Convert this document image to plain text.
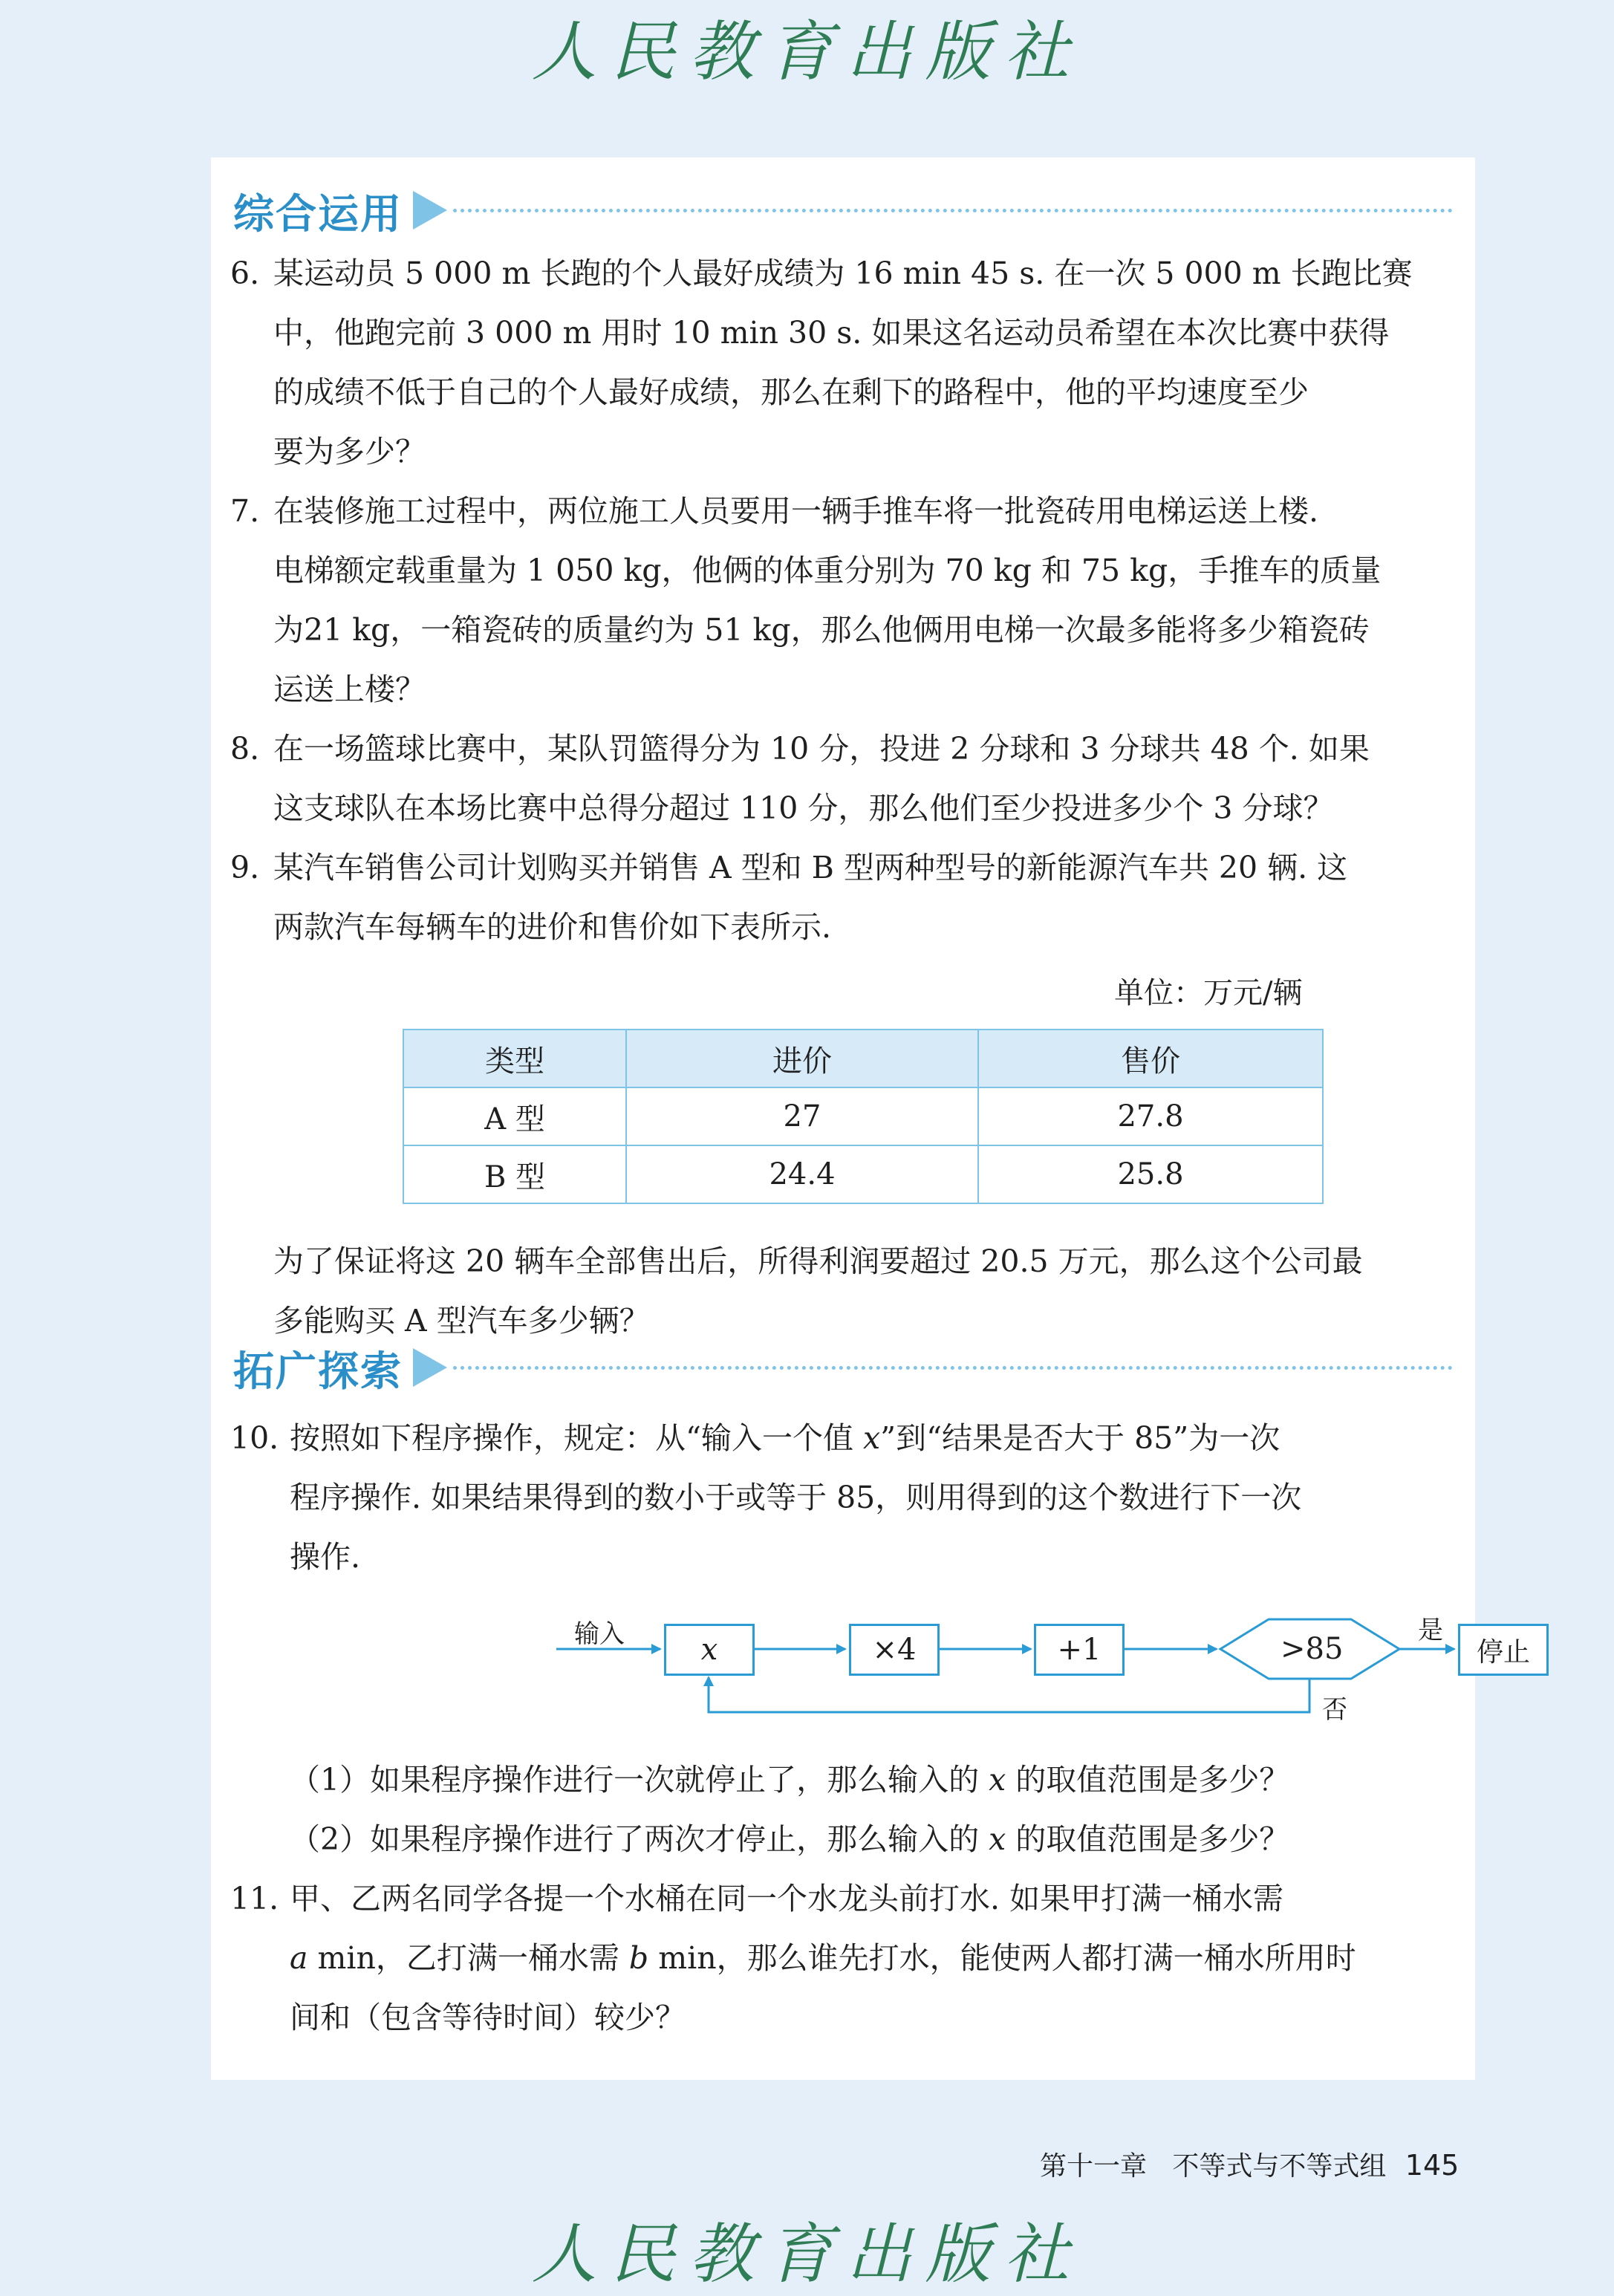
人民教育出版社
综合运用
6. 某运动员 5 000 m 长跑的个人最好成绩为 16 min 45 s. 在一次 5 000 m 长跑比赛
中，他跑完前 3 000 m 用时 10 min 30 s. 如果这名运动员希望在本次比赛中获得
的成绩不低于自己的个人最好成绩，那么在剩下的路程中，他的平均速度至少
要为多少？
7. 在装修施工过程中，两位施工人员要用一辆手推车将一批瓷砖用电梯运送上楼.
电梯额定载重量为 1 050 kg，他俩的体重分别为 70 kg 和 75 kg，手推车的质量
为21 kg，一箱瓷砖的质量约为 51 kg，那么他俩用电梯一次最多能将多少箱瓷砖
运送上楼？
8. 在一场篮球比赛中，某队罚篮得分为 10 分，投进 2 分球和 3 分球共 48 个. 如果
这支球队在本场比赛中总得分超过 110 分，那么他们至少投进多少个 3 分球？
9. 某汽车销售公司计划购买并销售 A 型和 B 型两种型号的新能源汽车共 20 辆. 这
两款汽车每辆车的进价和售价如下表所示.
单位：万元/辆
类型	进价	售价
A 型	27	27.8
B 型	24.4	25.8
为了保证将这 20 辆车全部售出后，所得利润要超过 20.5 万元，那么这个公司最
多能购买 A 型汽车多少辆？
拓广探索
10. 按照如下程序操作，规定：从“输入一个值 x”到“结果是否大于 85”为一次
程序操作. 如果结果得到的数小于或等于 85，则用得到的这个数进行下一次
操作.
输入	x	×4	+1	>85
是
否
停止
（1）如果程序操作进行一次就停止了，那么输入的 x 的取值范围是多少？
（2）如果程序操作进行了两次才停止，那么输入的 x 的取值范围是多少？
11. 甲、乙两名同学各提一个水桶在同一个水龙头前打水. 如果甲打满一桶水需
a min，乙打满一桶水需 b min，那么谁先打水，能使两人都打满一桶水所用时
间和（包含等待时间）较少？
第十一章   不等式与不等式组 145
人民教育出版社
